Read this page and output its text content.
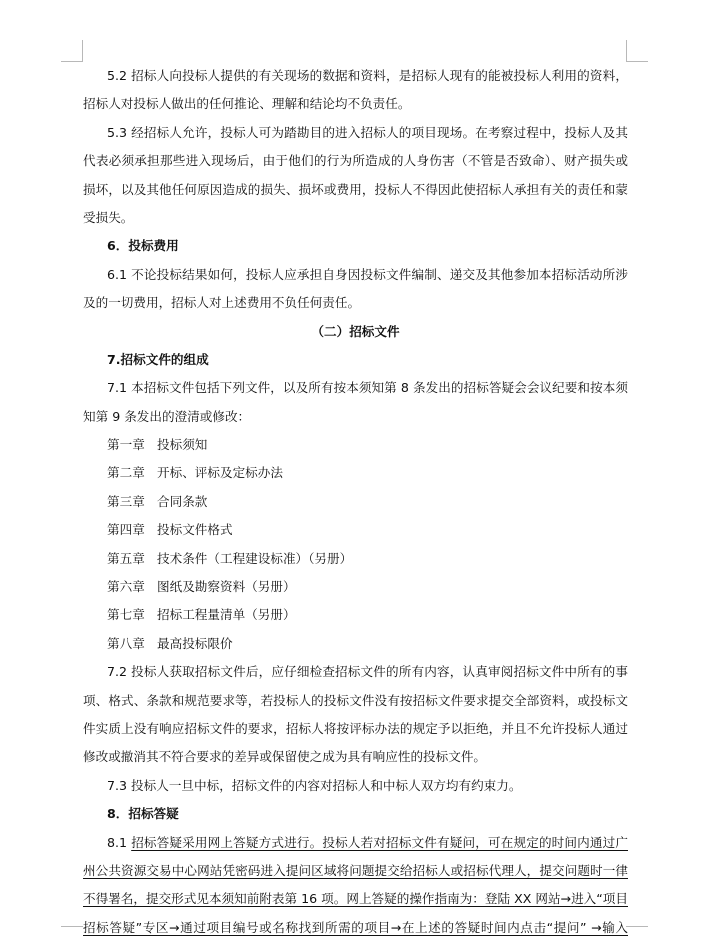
5.2 招标人向投标人提供的有关现场的数据和资料，是招标人现有的能被投标人利用的资料，
招标人对投标人做出的任何推论、理解和结论均不负责任。
5.3 经招标人允许，投标人可为踏勘目的进入招标人的项目现场。在考察过程中，投标人及其
代表必须承担那些进入现场后，由于他们的行为所造成的人身伤害（不管是否致命）、财产损失或
损坏，以及其他任何原因造成的损失、损坏或费用，投标人不得因此使招标人承担有关的责任和蒙
受损失。
6．投标费用
6.1 不论投标结果如何，投标人应承担自身因投标文件编制、递交及其他参加本招标活动所涉
及的一切费用，招标人对上述费用不负任何责任。
（二）招标文件
7.招标文件的组成
7.1 本招标文件包括下列文件，以及所有按本须知第 8 条发出的招标答疑会会议纪要和按本须
知第 9 条发出的澄清或修改：
第一章 投标须知
第二章 开标、评标及定标办法
第三章 合同条款
第四章 投标文件格式
第五章 技术条件（工程建设标准）（另册）
第六章 图纸及勘察资料（另册）
第七章 招标工程量清单（另册）
第八章 最高投标限价
7.2 投标人获取招标文件后，应仔细检查招标文件的所有内容，认真审阅招标文件中所有的事
项、格式、条款和规范要求等，若投标人的投标文件没有按招标文件要求提交全部资料，或投标文
件实质上没有响应招标文件的要求，招标人将按评标办法的规定予以拒绝，并且不允许投标人通过
修改或撤消其不符合要求的差异或保留使之成为具有响应性的投标文件。
7.3 投标人一旦中标，招标文件的内容对招标人和中标人双方均有约束力。
8．招标答疑
8.1 招标答疑采用网上答疑方式进行。投标人若对招标文件有疑问，可在规定的时间内通过广
州公共资源交易中心网站凭密码进入提问区域将问题提交给招标人或招标代理人，提交问题时一律
不得署名，提交形式见本须知前附表第 16 项。网上答疑的操作指南为：登陆 XX 网站→进入“项目
招标答疑”专区→通过项目编号或名称找到所需的项目→在上述的答疑时间内点击“提问” →输入
